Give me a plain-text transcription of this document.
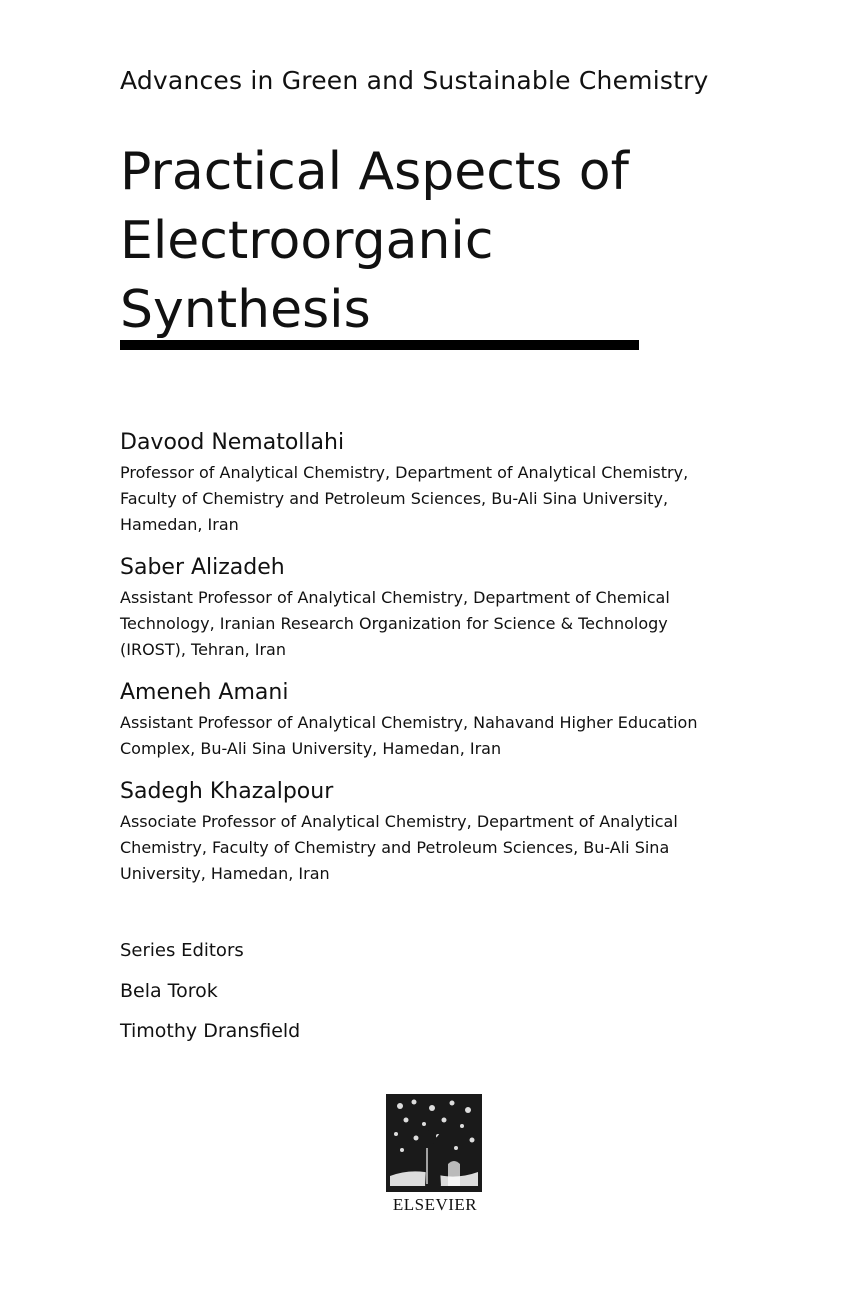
Advances in Green and Sustainable Chemistry
Practical Aspects of
Electroorganic
Synthesis
Davood Nematollahi
Professor of Analytical Chemistry, Department of Analytical Chemistry,
Faculty of Chemistry and Petroleum Sciences, Bu-Ali Sina University,
Hamedan, Iran
Saber Alizadeh
Assistant Professor of Analytical Chemistry, Department of Chemical
Technology, Iranian Research Organization for Science & Technology
(IROST), Tehran, Iran
Ameneh Amani
Assistant Professor of Analytical Chemistry, Nahavand Higher Education
Complex, Bu-Ali Sina University, Hamedan, Iran
Sadegh Khazalpour
Associate Professor of Analytical Chemistry, Department of Analytical
Chemistry, Faculty of Chemistry and Petroleum Sciences, Bu-Ali Sina
University, Hamedan, Iran
Series Editors
Bela Torok
Timothy Dransfield
ELSEVIER
